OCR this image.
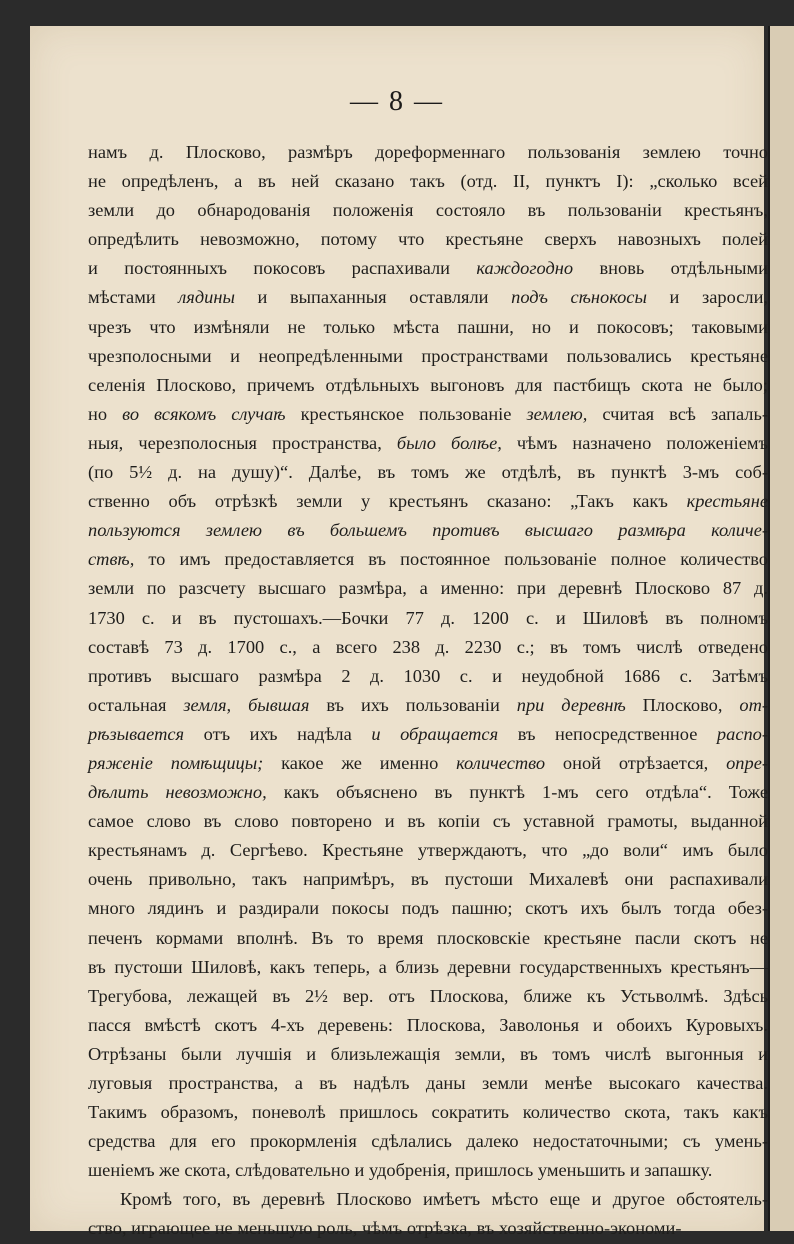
— 8 —
намъ д. Плосково, размѣръ дореформеннаго пользованія землею точно
не опредѣленъ, а въ ней сказано такъ (отд. II, пунктъ I): „сколько всей
земли до обнародованія положенія состояло въ пользованіи крестьянъ,
опредѣлить невозможно, потому что крестьяне сверхъ навозныхъ полей
и постоянныхъ покосовъ распахивали каждогодно вновь отдѣльными
мѣстами лядины и выпаханныя оставляли подъ сѣнокосы и заросли,
чрезъ что измѣняли не только мѣста пашни, но и покосовъ; таковыми
чрезполосными и неопредѣленными пространствами пользовались крестьяне
селенія Плосково, причемъ отдѣльныхъ выгоновъ для пастбищъ скота не было;
но во всякомъ случаѣ крестьянское пользованіе землею, считая всѣ запаль-
ныя, черезполосныя пространства, было болѣе, чѣмъ назначено положеніемъ
(по 5½ д. на душу)“. Далѣе, въ томъ же отдѣлѣ, въ пунктѣ 3-мъ соб-
ственно объ отрѣзкѣ земли у крестьянъ сказано: „Такъ какъ крестьяне
пользуются землею въ большемъ противъ высшаго размѣра количе-
ствѣ, то имъ предоставляется въ постоянное пользованіе полное количество
земли по разсчету высшаго размѣра, а именно: при деревнѣ Плосково 87 д.
1730 с. и въ пустошахъ.—Бочки 77 д. 1200 с. и Шиловѣ въ полномъ
составѣ 73 д. 1700 с., а всего 238 д. 2230 с.; въ томъ числѣ отведено
противъ высшаго размѣра 2 д. 1030 с. и неудобной 1686 с. Затѣмъ
остальная земля, бывшая въ ихъ пользованіи при деревнѣ Плосково, от-
рѣзывается отъ ихъ надѣла и обращается въ непосредственное распо-
ряженіе помѣщицы; какое же именно количество оной отрѣзается, опре-
дѣлить невозможно, какъ объяснено въ пунктѣ 1-мъ сего отдѣла“. Тоже
самое слово въ слово повторено и въ копіи съ уставной грамоты, выданной
крестьянамъ д. Сергѣево. Крестьяне утверждаютъ, что „до воли“ имъ было
очень привольно, такъ напримѣръ, въ пустоши Михалевѣ они распахивали
много лядинъ и раздирали покосы подъ пашню; скотъ ихъ былъ тогда обез-
печенъ кормами вполнѣ. Въ то время плосковскіе крестьяне пасли скотъ не
въ пустоши Шиловѣ, какъ теперь, а близь деревни государственныхъ крестьянъ—
Трегубова, лежащей въ 2½ вер. отъ Плоскова, ближе къ Устьволмѣ. Здѣсь
пасся вмѣстѣ скотъ 4-хъ деревень: Плоскова, Заволонья и обоихъ Куровыхъ.
Отрѣзаны были лучшія и близьлежащія земли, въ томъ числѣ выгонныя и
луговыя пространства, а въ надѣлъ даны земли менѣе высокаго качества.
Такимъ образомъ, поневолѣ пришлось сократить количество скота, такъ какъ
средства для его прокормленія сдѣлались далеко недостаточными; съ умень-
шеніемъ же скота, слѣдовательно и удобренія, пришлось уменьшить и запашку.
Кромѣ того, въ деревнѣ Плосково имѣетъ мѣсто еще и другое обстоятель-
ство, играющее не меньшую роль, чѣмъ отрѣзка, въ хозяйственно-экономи-
